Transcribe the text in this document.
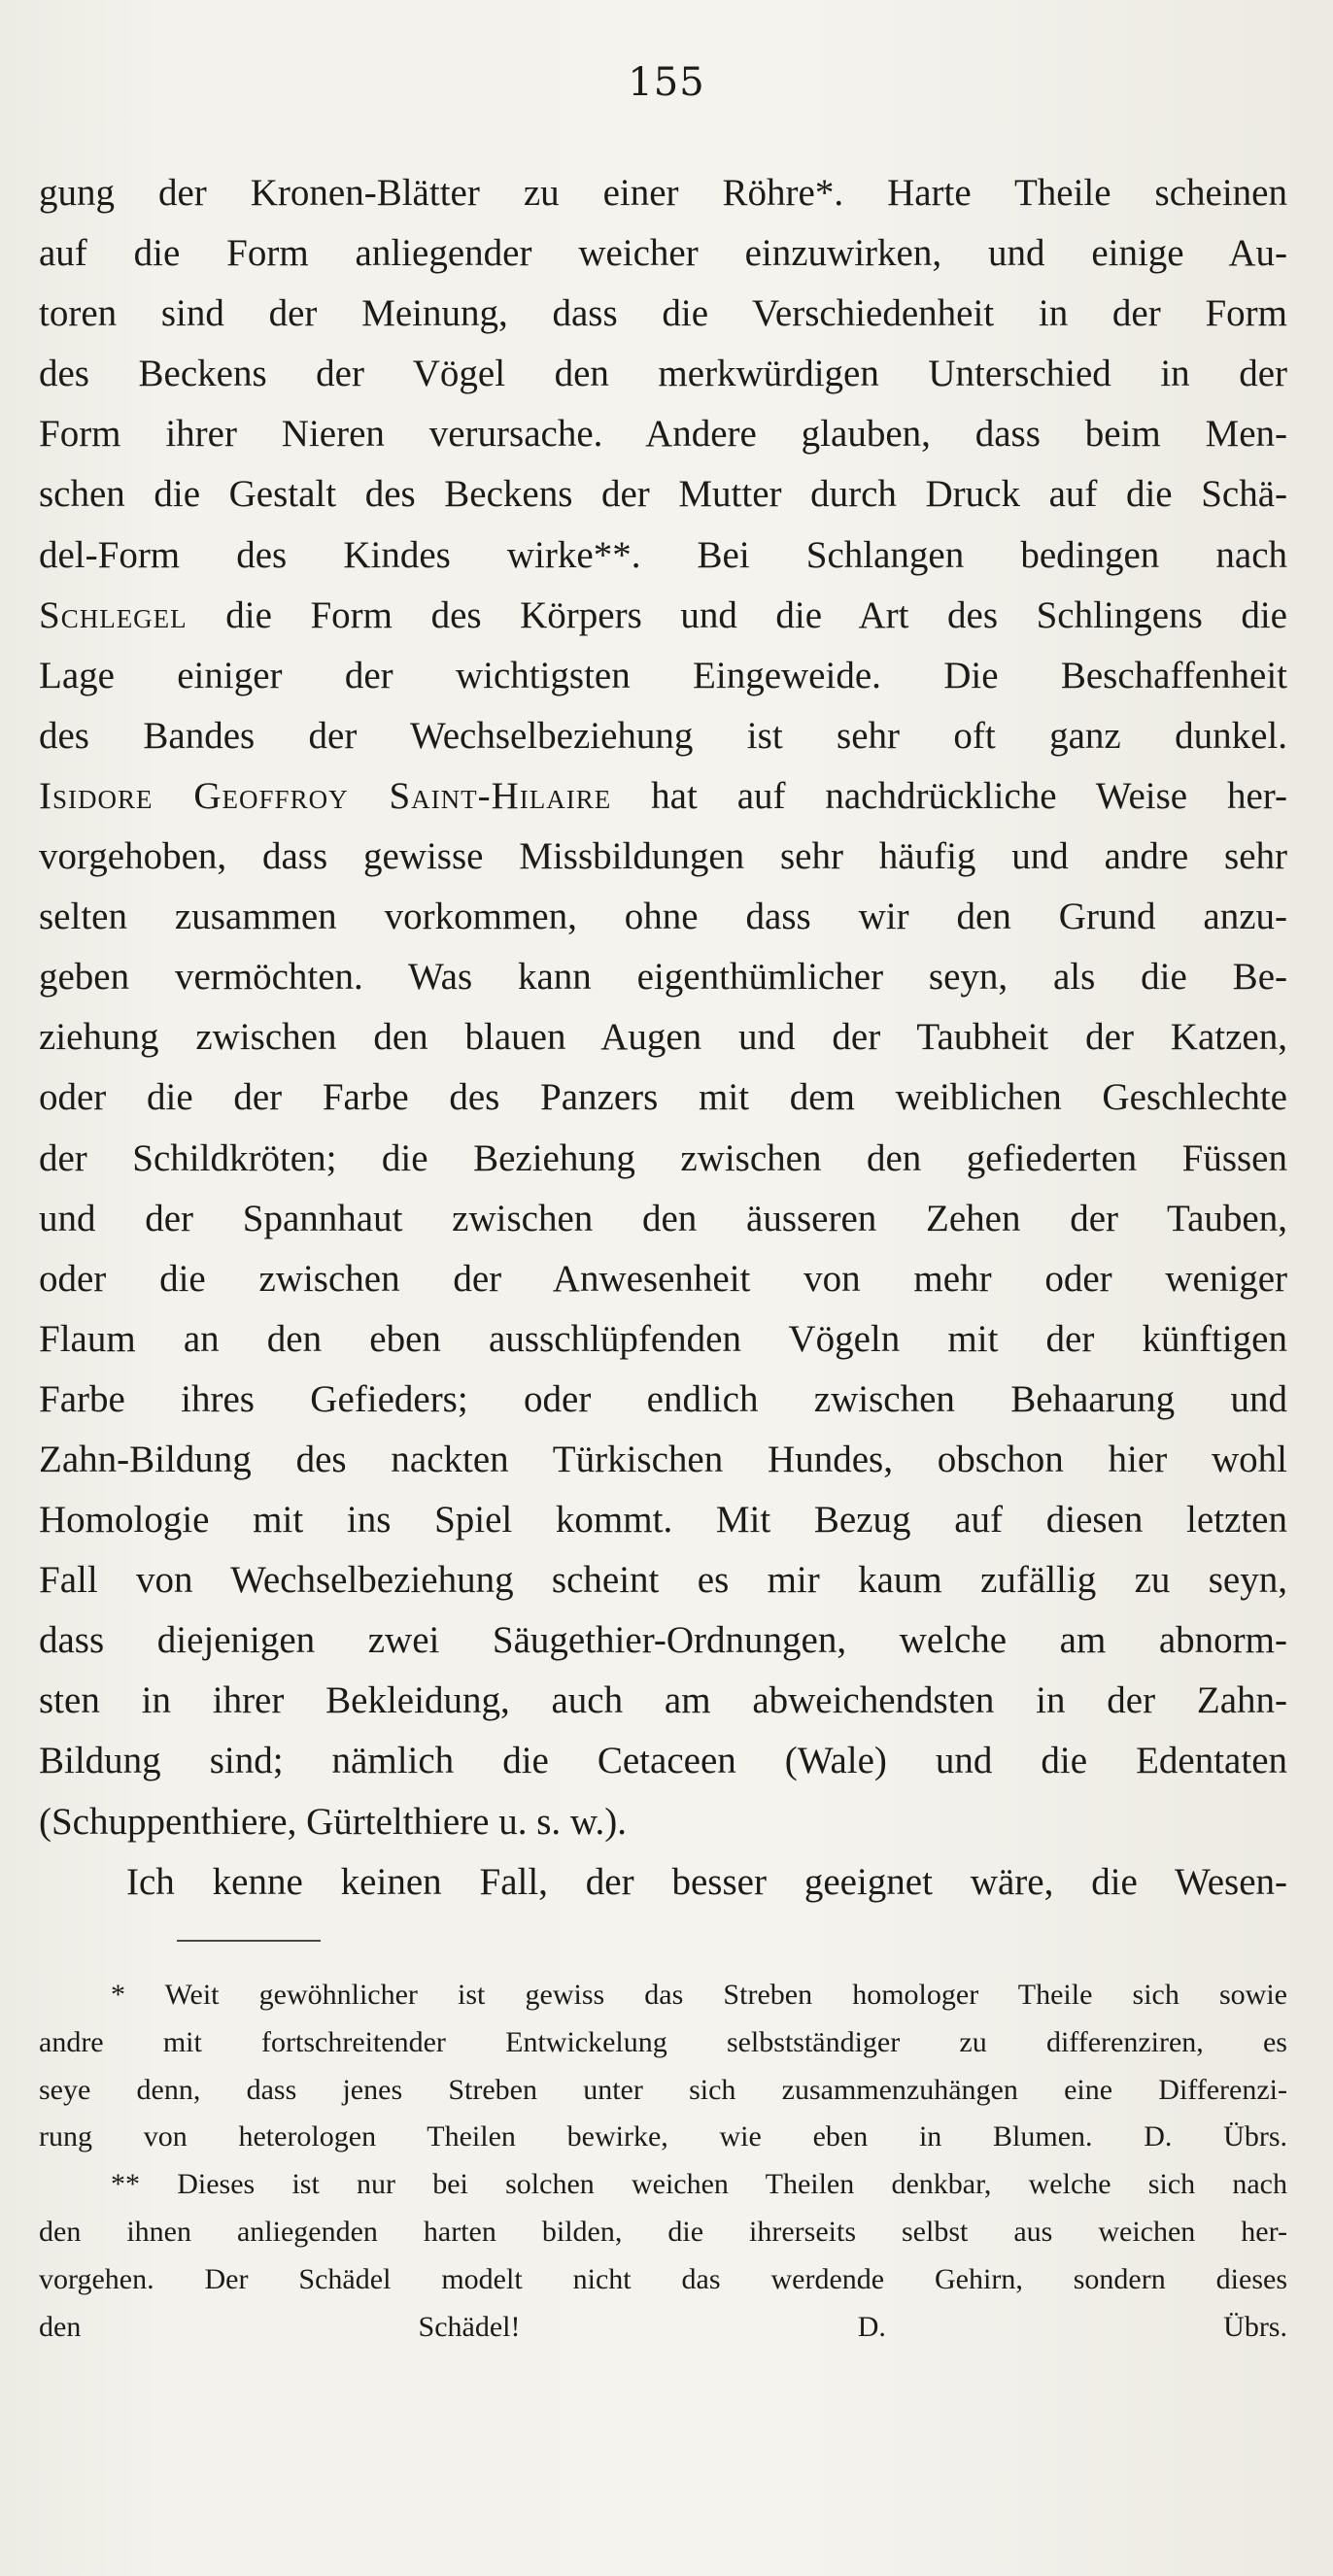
155
gung der Kronen-Blätter zu einer Röhre*. Harte Theile scheinen
auf die Form anliegender weicher einzuwirken, und einige Au-
toren sind der Meinung, dass die Verschiedenheit in der Form
des Beckens der Vögel den merkwürdigen Unterschied in der
Form ihrer Nieren verursache. Andere glauben, dass beim Men-
schen die Gestalt des Beckens der Mutter durch Druck auf die Schä-
del-Form des Kindes wirke**. Bei Schlangen bedingen nach
Schlegel die Form des Körpers und die Art des Schlingens die
Lage einiger der wichtigsten Eingeweide. Die Beschaffenheit
des Bandes der Wechselbeziehung ist sehr oft ganz dunkel.
Isidore Geoffroy Saint-Hilaire hat auf nachdrückliche Weise her-
vorgehoben, dass gewisse Missbildungen sehr häufig und andre sehr
selten zusammen vorkommen, ohne dass wir den Grund anzu-
geben vermöchten. Was kann eigenthümlicher seyn, als die Be-
ziehung zwischen den blauen Augen und der Taubheit der Katzen,
oder die der Farbe des Panzers mit dem weiblichen Geschlechte
der Schildkröten; die Beziehung zwischen den gefiederten Füssen
und der Spannhaut zwischen den äusseren Zehen der Tauben,
oder die zwischen der Anwesenheit von mehr oder weniger
Flaum an den eben ausschlüpfenden Vögeln mit der künftigen
Farbe ihres Gefieders; oder endlich zwischen Behaarung und
Zahn-Bildung des nackten Türkischen Hundes, obschon hier wohl
Homologie mit ins Spiel kommt. Mit Bezug auf diesen letzten
Fall von Wechselbeziehung scheint es mir kaum zufällig zu seyn,
dass diejenigen zwei Säugethier-Ordnungen, welche am abnorm-
sten in ihrer Bekleidung, auch am abweichendsten in der Zahn-
Bildung sind; nämlich die Cetaceen (Wale) und die Edentaten
(Schuppenthiere, Gürtelthiere u. s. w.).
Ich kenne keinen Fall, der besser geeignet wäre, die Wesen-
* Weit gewöhnlicher ist gewiss das Streben homologer Theile sich sowie
andre mit fortschreitender Entwickelung selbstständiger zu differenziren, es
seye denn, dass jenes Streben unter sich zusammenzuhängen eine Differenzi-
rung von heterologen Theilen bewirke, wie eben in Blumen. D. Übrs.
** Dieses ist nur bei solchen weichen Theilen denkbar, welche sich nach
den ihnen anliegenden harten bilden, die ihrerseits selbst aus weichen her-
vorgehen. Der Schädel modelt nicht das werdende Gehirn, sondern dieses
den Schädel! D. Übrs.
